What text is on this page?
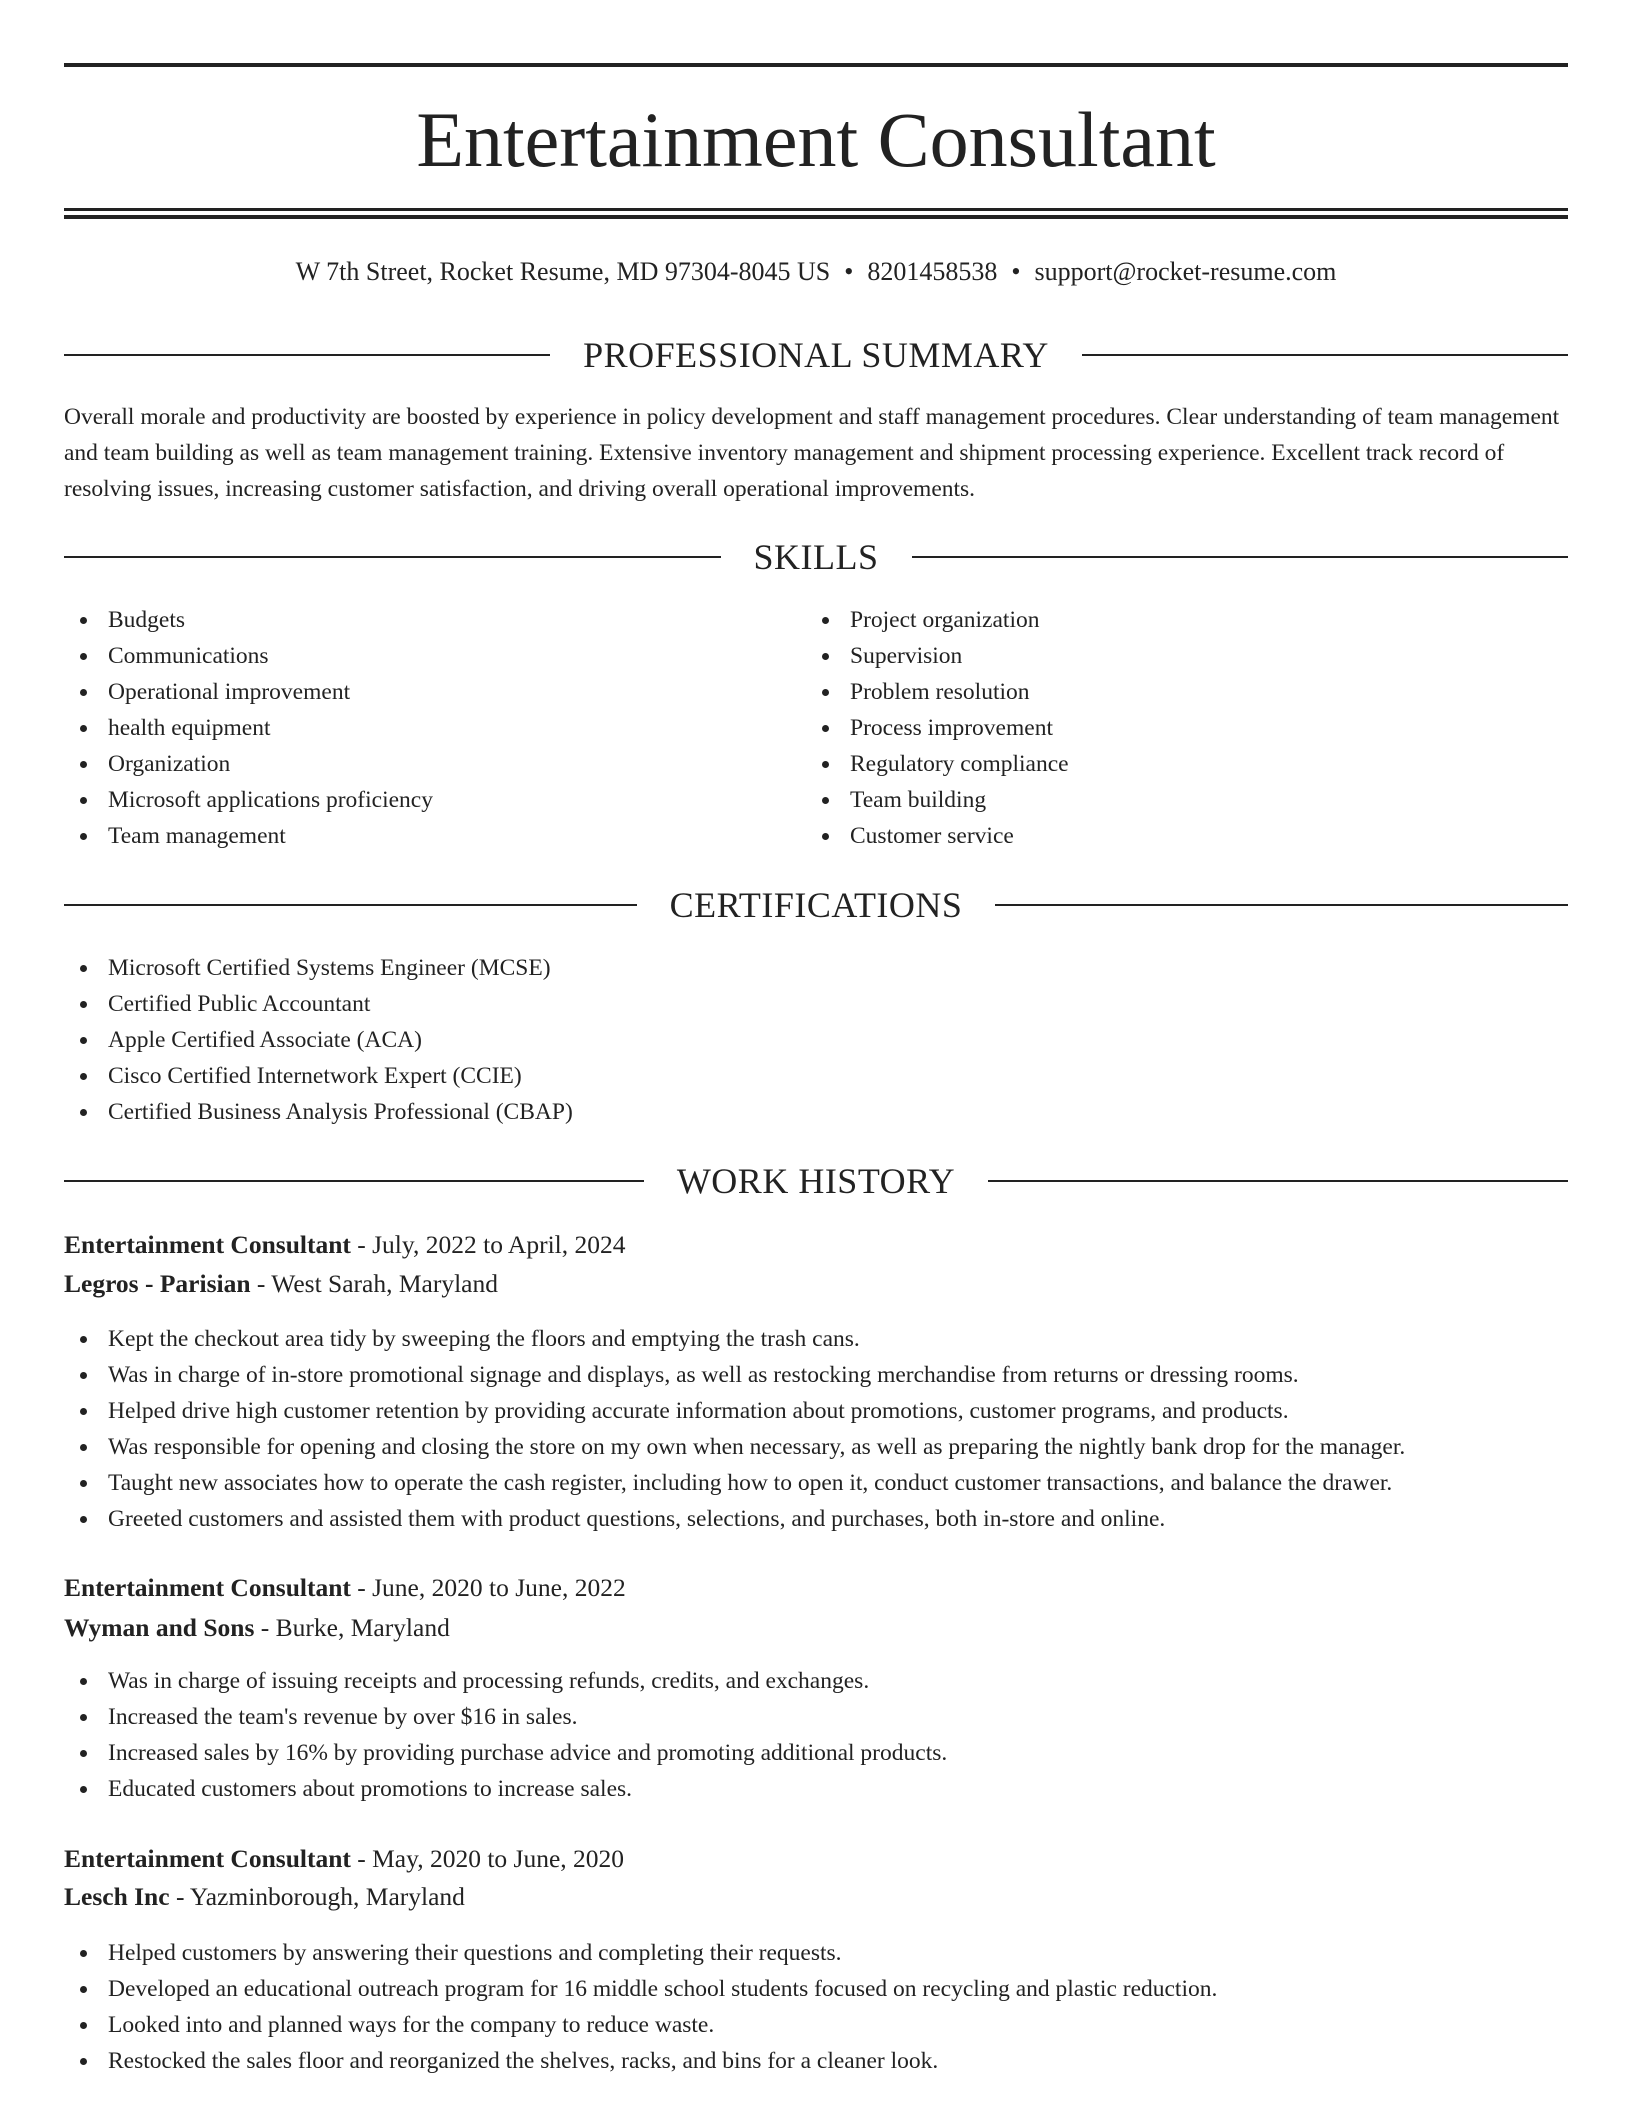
Entertainment Consultant
W 7th Street, Rocket Resume, MD 97304-8045 US • 8201458538 • support@rocket-resume.com
PROFESSIONAL SUMMARY

Overall morale and productivity are boosted by experience in policy development and staff management procedures. Clear understanding of team management and team building as well as team management training. Extensive inventory management and shipment processing experience. Excellent track record of resolving issues, increasing customer satisfaction, and driving overall operational improvements.

SKILLS
Budgets
Communications
Operational improvement
health equipment
Organization
Microsoft applications proficiency
Team management
Project organization
Supervision
Problem resolution
Process improvement
Regulatory compliance
Team building
Customer service
CERTIFICATIONS
Microsoft Certified Systems Engineer (MCSE)
Certified Public Accountant
Apple Certified Associate (ACA)
Cisco Certified Internetwork Expert (CCIE)
Certified Business Analysis Professional (CBAP)
WORK HISTORY
Entertainment Consultant - July, 2022 to April, 2024
Legros - Parisian - West Sarah, Maryland
Kept the checkout area tidy by sweeping the floors and emptying the trash cans.
Was in charge of in-store promotional signage and displays, as well as restocking merchandise from returns or dressing rooms.
Helped drive high customer retention by providing accurate information about promotions, customer programs, and products.
Was responsible for opening and closing the store on my own when necessary, as well as preparing the nightly bank drop for the manager.
Taught new associates how to operate the cash register, including how to open it, conduct customer transactions, and balance the drawer.
Greeted customers and assisted them with product questions, selections, and purchases, both in-store and online.
Entertainment Consultant - June, 2020 to June, 2022
Wyman and Sons - Burke, Maryland
Was in charge of issuing receipts and processing refunds, credits, and exchanges.
Increased the team's revenue by over $16 in sales.
Increased sales by 16% by providing purchase advice and promoting additional products.
Educated customers about promotions to increase sales.
Entertainment Consultant - May, 2020 to June, 2020
Lesch Inc - Yazminborough, Maryland
Helped customers by answering their questions and completing their requests.
Developed an educational outreach program for 16 middle school students focused on recycling and plastic reduction.
Looked into and planned ways for the company to reduce waste.
Restocked the sales floor and reorganized the shelves, racks, and bins for a cleaner look.
